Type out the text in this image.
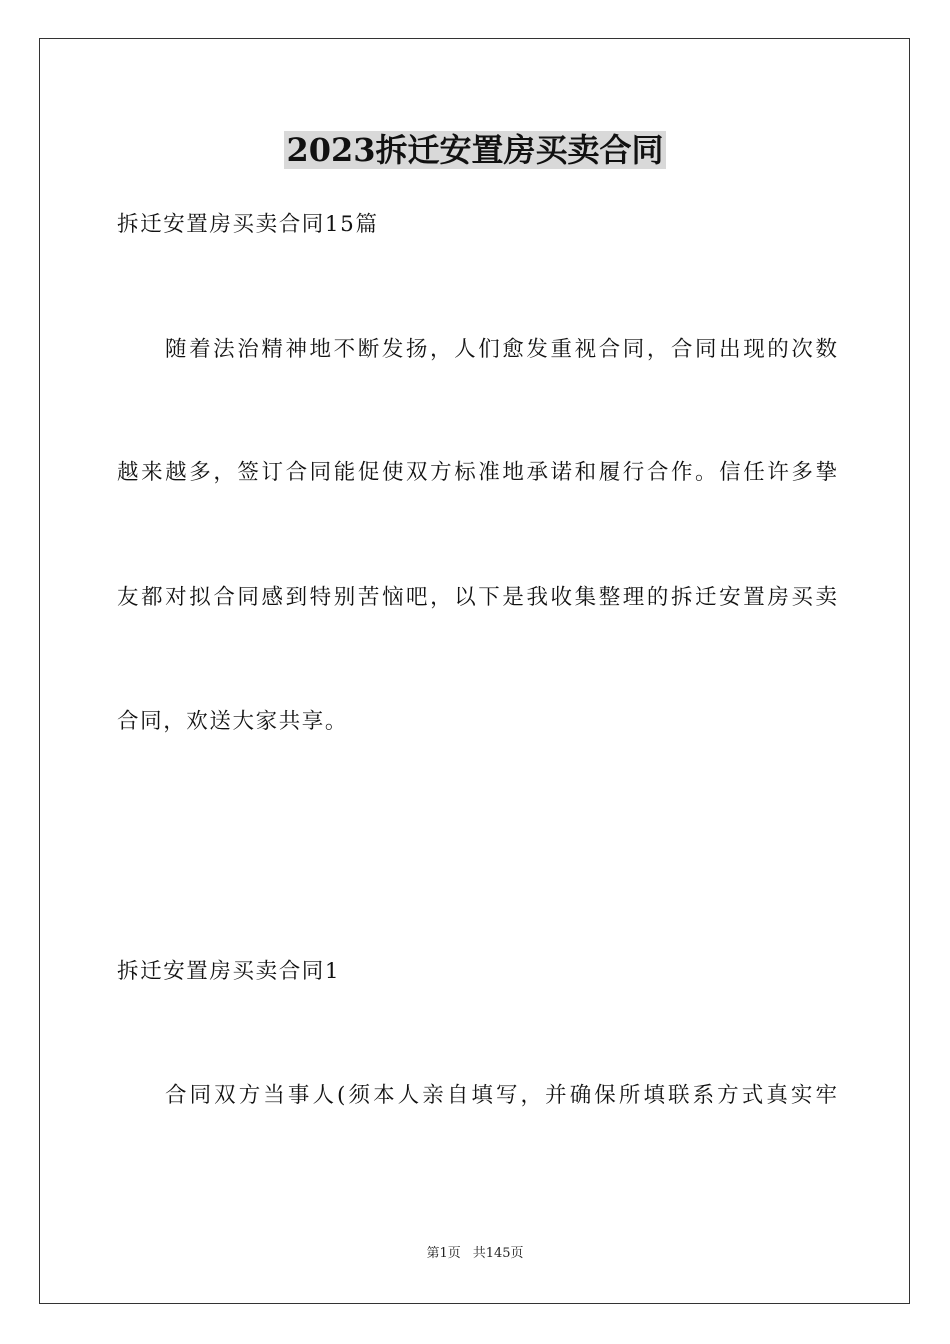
2023拆迁安置房买卖合同
拆迁安置房买卖合同15篇
随着法治精神地不断发扬，人们愈发重视合同，合同出现的次数
越来越多，签订合同能促使双方标准地承诺和履行合作。信任许多挚
友都对拟合同感到特别苦恼吧，以下是我收集整理的拆迁安置房买卖
合同，欢送大家共享。
拆迁安置房买卖合同1
合同双方当事人(须本人亲自填写，并确保所填联系方式真实牢
第1页 共145页
